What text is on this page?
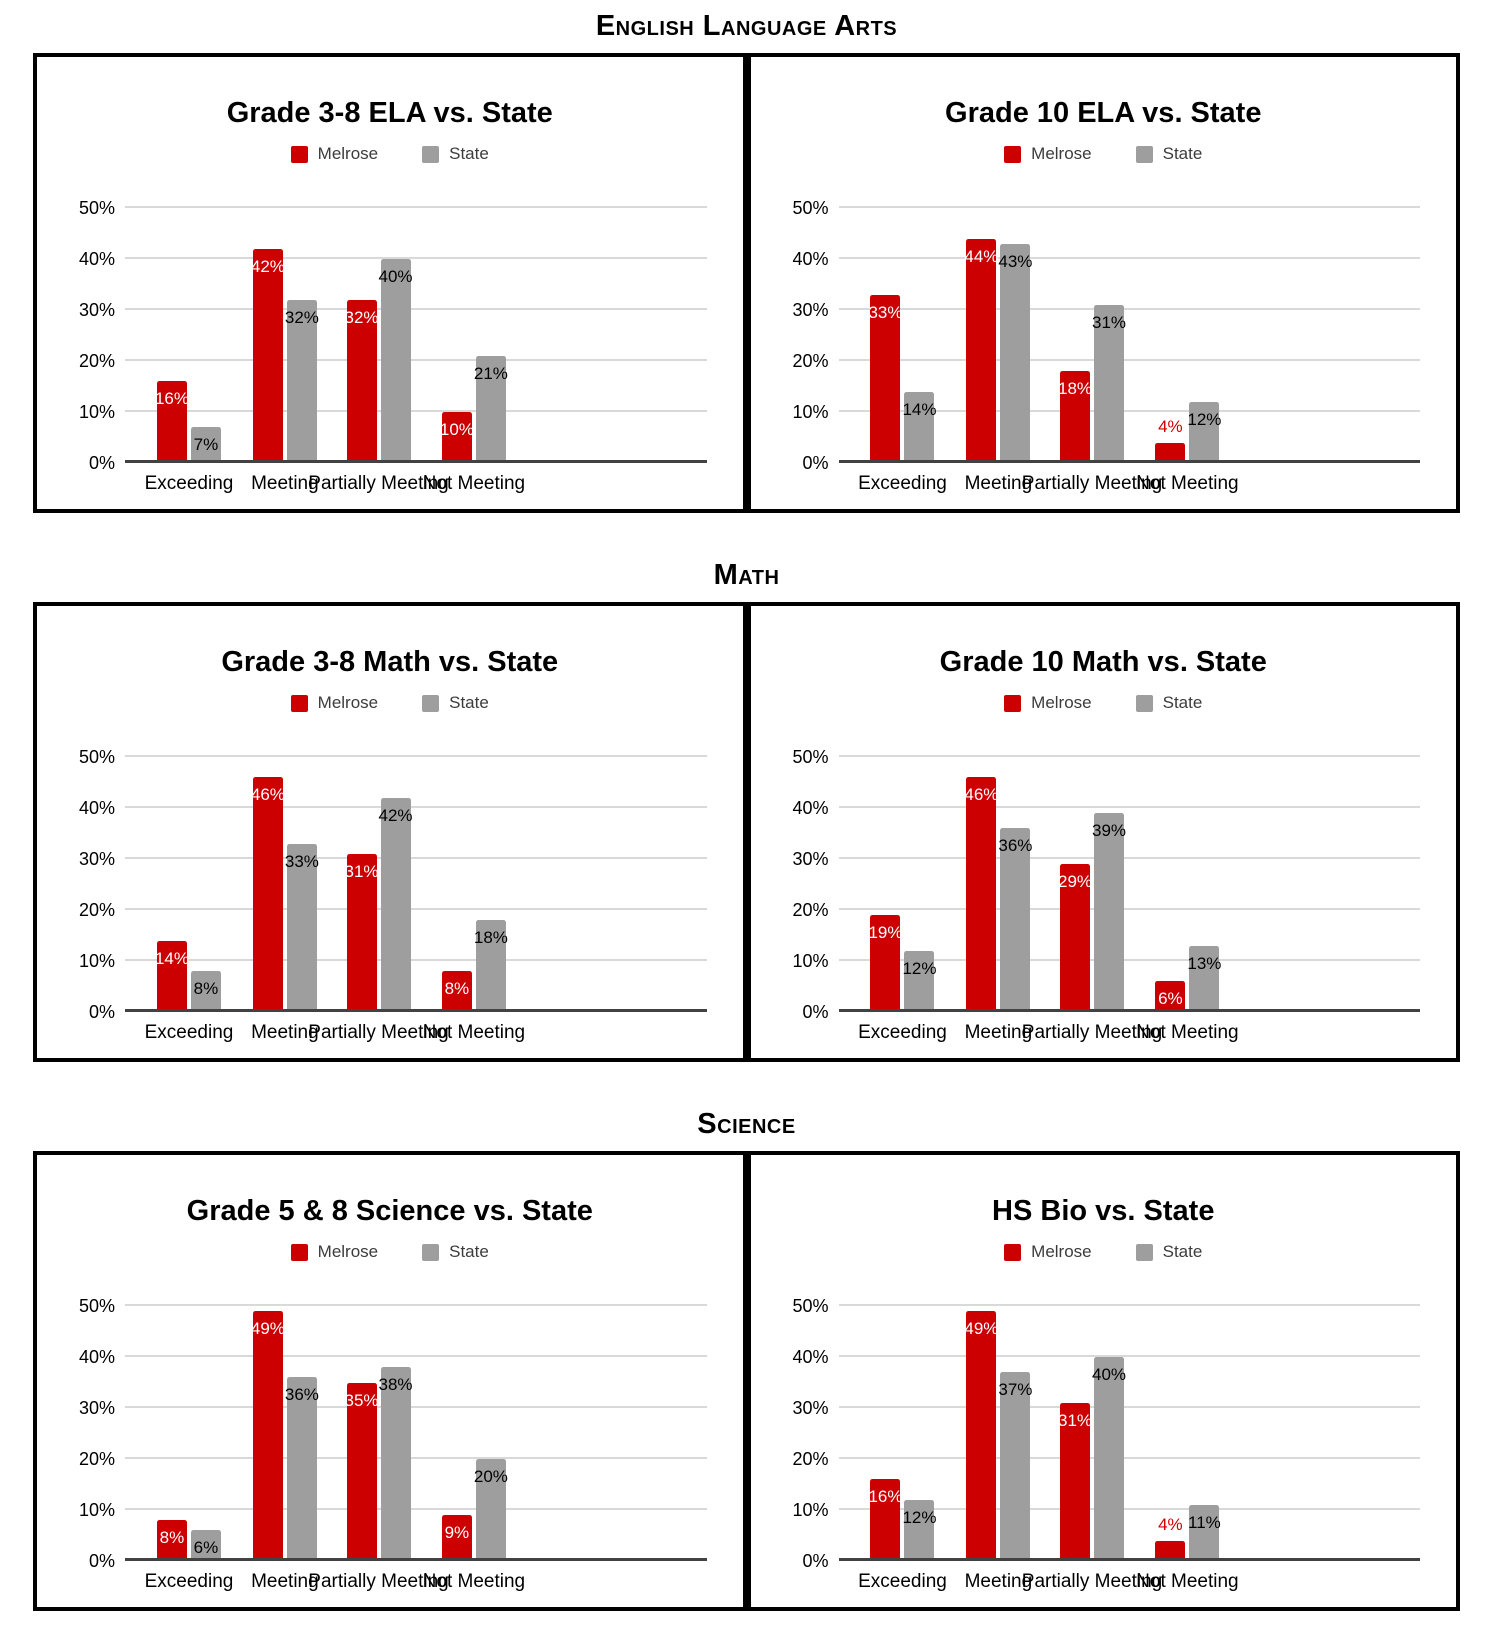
English Language Arts
Grade 3-8 ELA vs. State
Melrose	State
0%
10%
20%
30%
40%
50%
16%
7%
Exceeding
42%
32%
Meeting
32%
40%
Partially Meeting
10%
21%
Not Meeting
Grade 10 ELA vs. State
Melrose	State
0%
10%
20%
30%
40%
50%
33%
14%
Exceeding
44% 43%
Meeting
18%
31%
Partially Meeting
4% 12%
Not Meeting
Math
Grade 3-8 Math vs. State
Melrose	State
0%
10%
20%
30%
40%
50%
14%
8%
Exceeding
46%
33%
Meeting
31%
42%
Partially Meeting
8%
18%
Not Meeting
Grade 10 Math vs. State
Melrose	State
0%
10%
20%
30%
40%
50%
19%
12%
Exceeding
46%
36%
Meeting
29%
39%
Partially Meeting
6%
13%
Not Meeting
Science
Grade 5 & 8 Science vs. State
Melrose	State
0%
10%
20%
30%
40%
50%
8%
6%
Exceeding
49%
36%
Meeting
35%
38%
Partially Meeting
9%
20%
Not Meeting
HS Bio vs. State
Melrose	State
0%
10%
20%
30%
40%
50%
16%
12%
Exceeding
49%
37%
Meeting
31%
40%
Partially Meeting
4% 11%
Not Meeting
